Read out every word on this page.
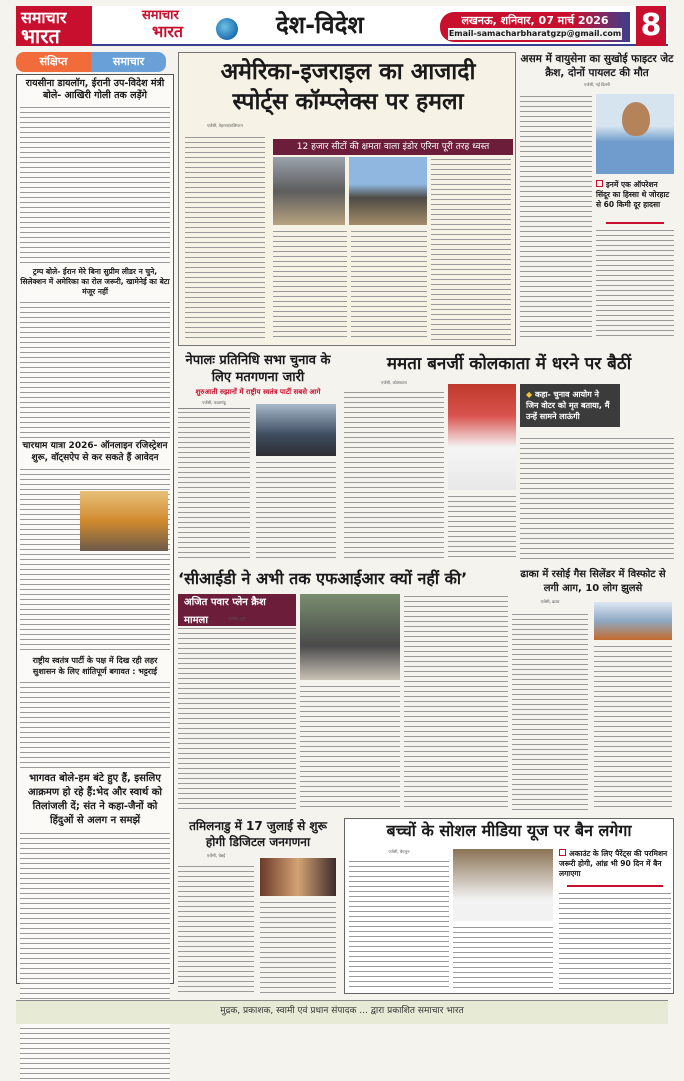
समाचार
भारत
समाचार
भारत	देश-विदेश	लखनऊ, शनिवार, 07 मार्च 2026
Email-samacharbharatgzp@gmail.com 8
संक्षिप्त	समाचार
रायसीना डायलॉग, ईरानी उप-विदेश मंत्री बोले- आखिरी गोली तक लड़ेंगे
ट्रम्प बोले- ईरान मेरे बिना सुप्रीम लीडर न चुने, सिलेक्शन में अमेरिका का रोल जरूरी, खामेनेई का बेटा मंजूर नहीं
चारधाम यात्रा 2026- ऑनलाइन रजिस्ट्रेशन शुरू, वॉट्सऐप से कर सकते हैं आवेदन
राष्ट्रीय स्वतंत्र पार्टी के पक्ष में दिख रही लहर सुशासन के लिए शांतिपूर्ण बगावत : भट्टराई
भागवत बोले-हम बंटे हुए हैं, इसलिए आक्रमण हो रहे हैं:भेद और स्वार्थ को तिलांजली दें; संत ने कहा-जैनों को हिंदुओं से अलग न समझें
अमेरिका-इजराइल का आजादी
स्पोर्ट्स कॉम्प्लेक्स पर हमला
एजेंसी, तेहरान/वाशिंगटन
12 हजार सीटों की क्षमता वाला इंडोर एरिना पूरी तरह ध्वस्त
असम में वायुसेना का सुखोई फाइटर जेट क्रैश, दोनों पायलट की मौत
एजेंसी, नई दिल्ली
इनमें एक ऑपरेशन सिंदूर का हिस्सा थे जोरहाट से 60 किमी दूर हादसा
नेपालः प्रतिनिधि सभा चुनाव के लिए मतगणना जारी
शुरुआती रुझानों में राष्ट्रीय स्वतंत्र पार्टी सबसे आगे
एजेंसी, काठमांडू
ममता बनर्जी कोलकाता में धरने पर बैठीं
एजेंसी, कोलकाता
◆ कहा- चुनाव आयोग ने जिन वोटर को मृत बताया, मैं उन्हें सामने लाऊंगी
‘सीआईडी ने अभी तक एफआईआर क्यों नहीं की’
अजित पवार प्लेन क्रैश मामला	एजेंसी, पुणे
ढाका में रसोई गैस सिलेंडर में विस्फोट से लगी आग, 10 लोग झुलसे
एजेंसी, ढाका
तमिलनाडु में 17 जुलाई से शुरू होगी डिजिटल जनगणना
एजेंसी, चेन्नई
बच्चों के सोशल मीडिया यूज पर बैन लगेगा
एजेंसी, बेंगलुरु	अकाउंट के लिए पैरेंट्स की परमिशन जरूरी होगी, आंध्र भी 90 दिन में बैन लगाएगा
मुद्रक, प्रकाशक, स्वामी एवं प्रधान संपादक ... द्वारा प्रकाशित समाचार भारत
